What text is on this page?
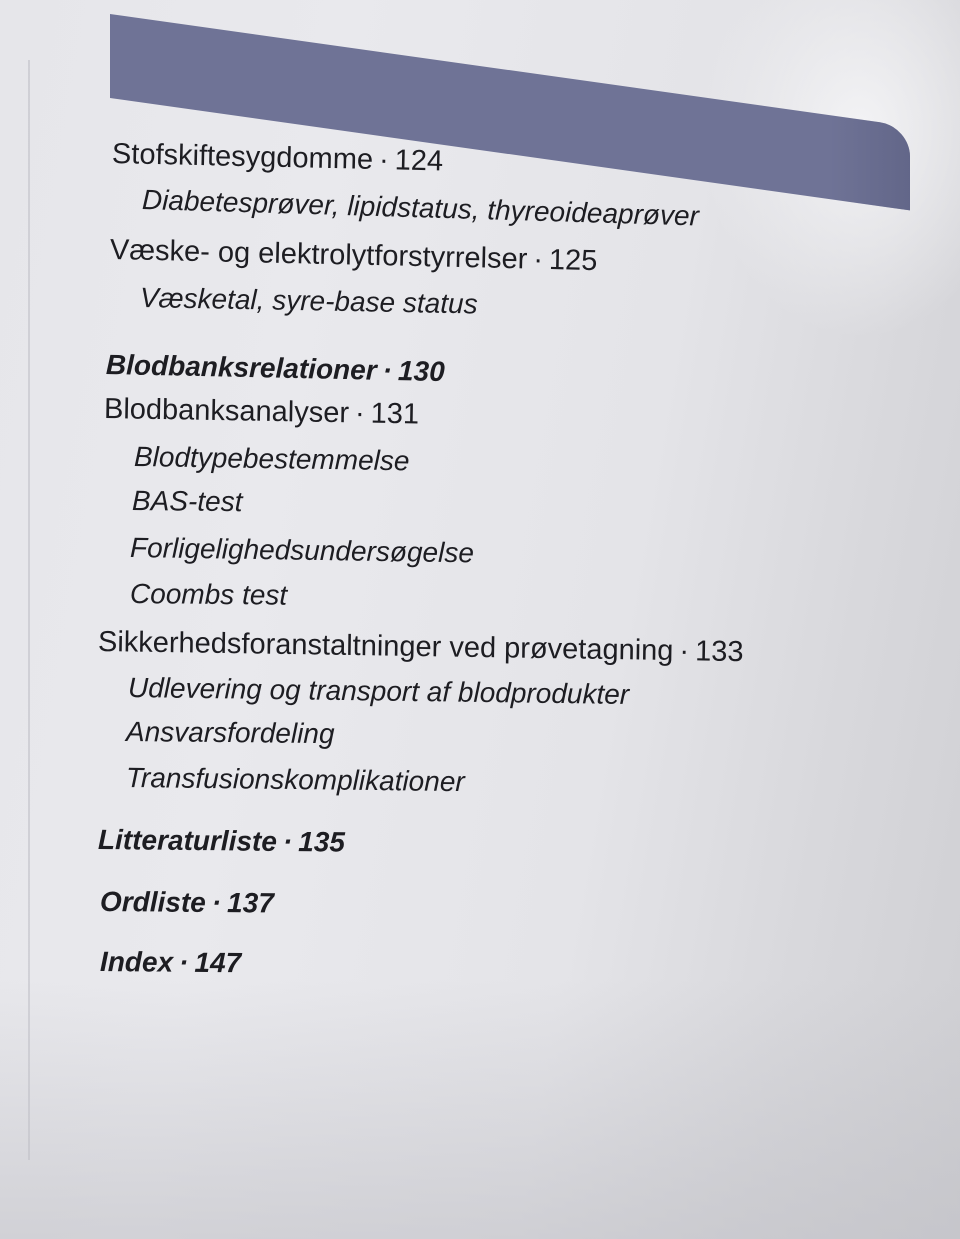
Stofskiftesygdomme · 124
Diabetesprøver, lipidstatus, thyreoideaprøver
Væske- og elektrolytforstyrrelser · 125
Væsketal, syre-base status
Blodbanksrelationer · 130
Blodbanksanalyser · 131
Blodtypebestemmelse
BAS-test
Forligelighedsundersøgelse
Coombs test
Sikkerhedsforanstaltninger ved prøvetagning · 133
Udlevering og transport af blodprodukter
Ansvarsfordeling
Transfusionskomplikationer
Litteraturliste · 135
Ordliste · 137
Index · 147
